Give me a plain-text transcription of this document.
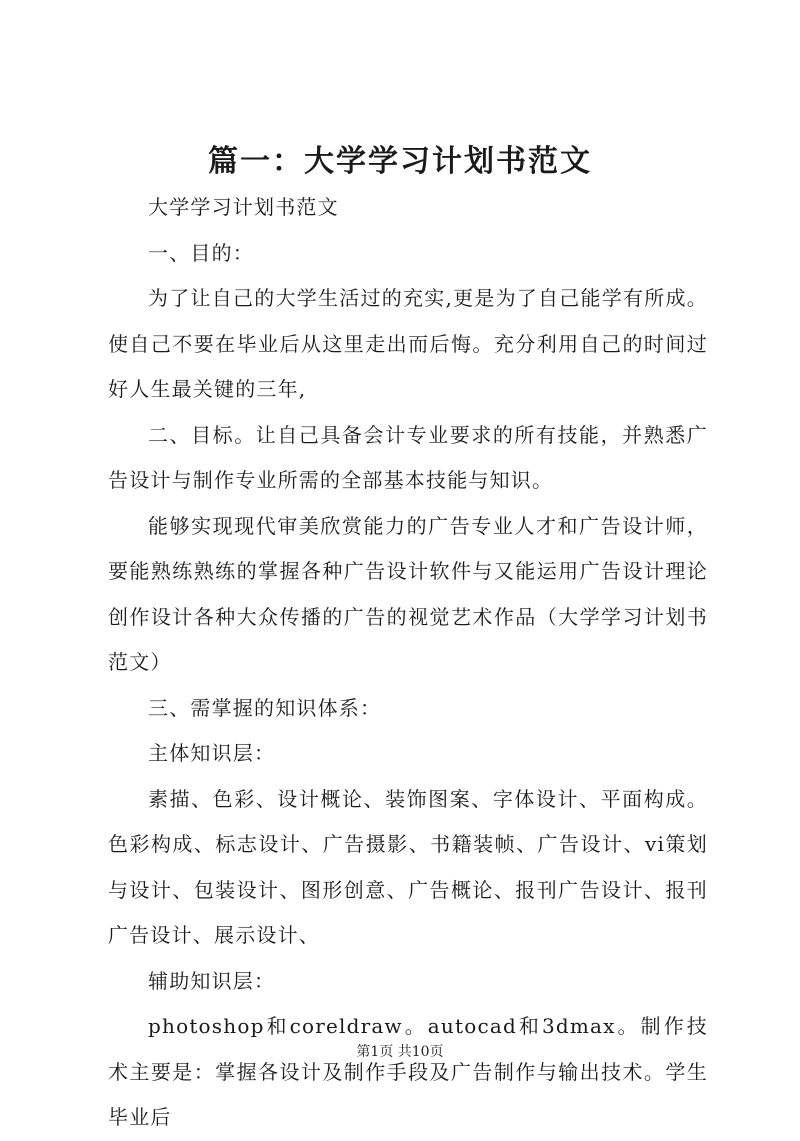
篇一：大学学习计划书范文

大学学习计划书范文

一、目的：

为了让自己的大学生活过的充实,更是为了自己能学有所成。使自己不要在毕业后从这里走出而后悔。充分利用自己的时间过好人生最关键的三年,

二、目标。让自己具备会计专业要求的所有技能，并熟悉广告设计与制作专业所需的全部基本技能与知识。

能够实现现代审美欣赏能力的广告专业人才和广告设计师，要能熟练熟练的掌握各种广告设计软件与又能运用广告设计理论创作设计各种大众传播的广告的视觉艺术作品（大学学习计划书范文）

三、需掌握的知识体系：

主体知识层：

素描、色彩、设计概论、装饰图案、字体设计、平面构成。色彩构成、标志设计、广告摄影、书籍装帧、广告设计、vi策划与设计、包装设计、图形创意、广告概论、报刊广告设计、报刊广告设计、展示设计、

辅助知识层：

photoshop和coreldraw。autocad和3dmax。制作技术主要是：掌握各设计及制作手段及广告制作与输出技术。学生毕业后

第1页 共10页
